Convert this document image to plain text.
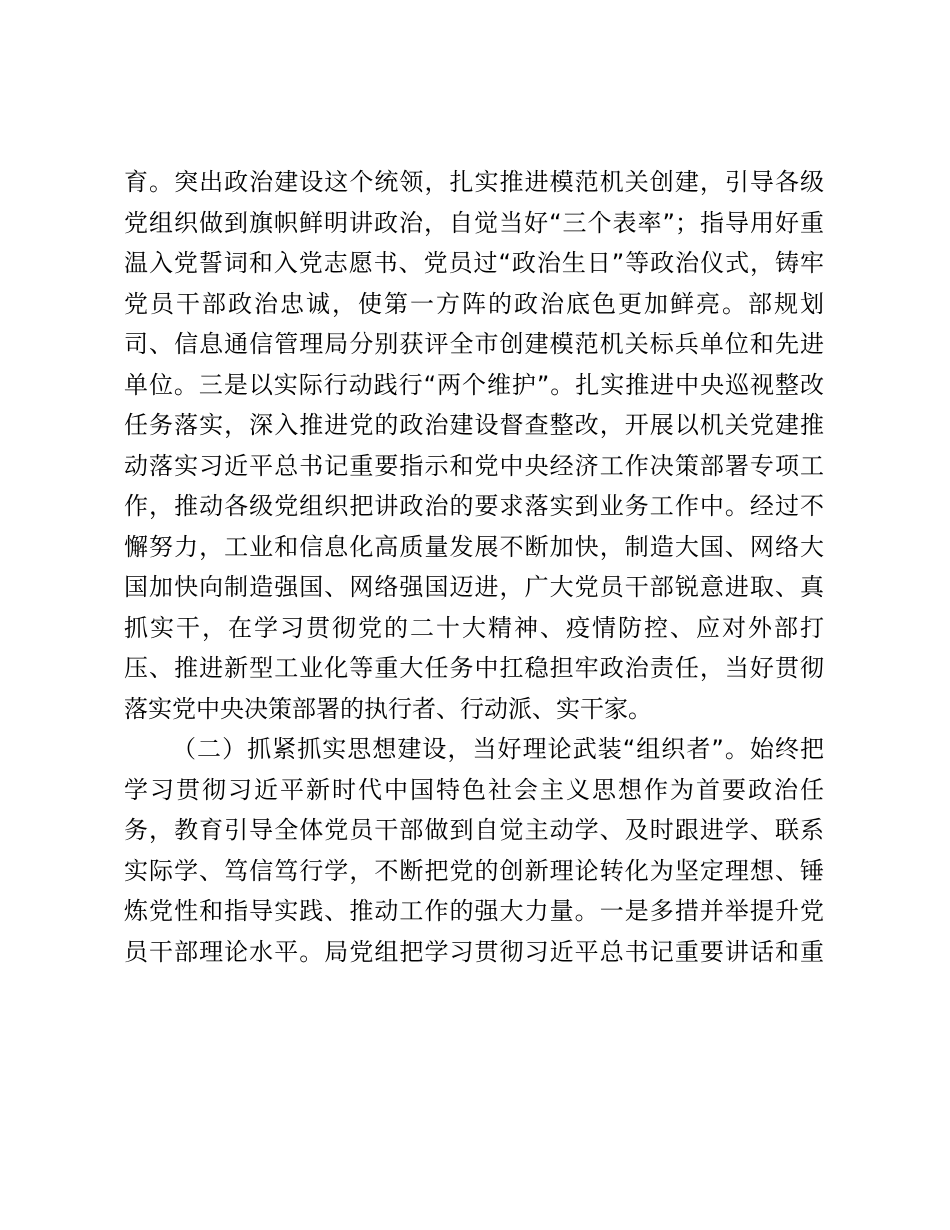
育。突出政治建设这个统领，扎实推进模范机关创建，引导各级
党组织做到旗帜鲜明讲政治，自觉当好“三个表率”；指导用好重
温入党誓词和入党志愿书、党员过“政治生日”等政治仪式，铸牢
党员干部政治忠诚，使第一方阵的政治底色更加鲜亮。部规划
司、信息通信管理局分别获评全市创建模范机关标兵单位和先进
单位。三是以实际行动践行“两个维护”。扎实推进中央巡视整改
任务落实，深入推进党的政治建设督查整改，开展以机关党建推
动落实习近平总书记重要指示和党中央经济工作决策部署专项工
作，推动各级党组织把讲政治的要求落实到业务工作中。经过不
懈努力，工业和信息化高质量发展不断加快，制造大国、网络大
国加快向制造强国、网络强国迈进，广大党员干部锐意进取、真
抓实干，在学习贯彻党的二十大精神、疫情防控、应对外部打
压、推进新型工业化等重大任务中扛稳担牢政治责任，当好贯彻
落实党中央决策部署的执行者、行动派、实干家。
（二）抓紧抓实思想建设，当好理论武装“组织者”。始终把
学习贯彻习近平新时代中国特色社会主义思想作为首要政治任
务，教育引导全体党员干部做到自觉主动学、及时跟进学、联系
实际学、笃信笃行学，不断把党的创新理论转化为坚定理想、锤
炼党性和指导实践、推动工作的强大力量。一是多措并举提升党
员干部理论水平。局党组把学习贯彻习近平总书记重要讲话和重
